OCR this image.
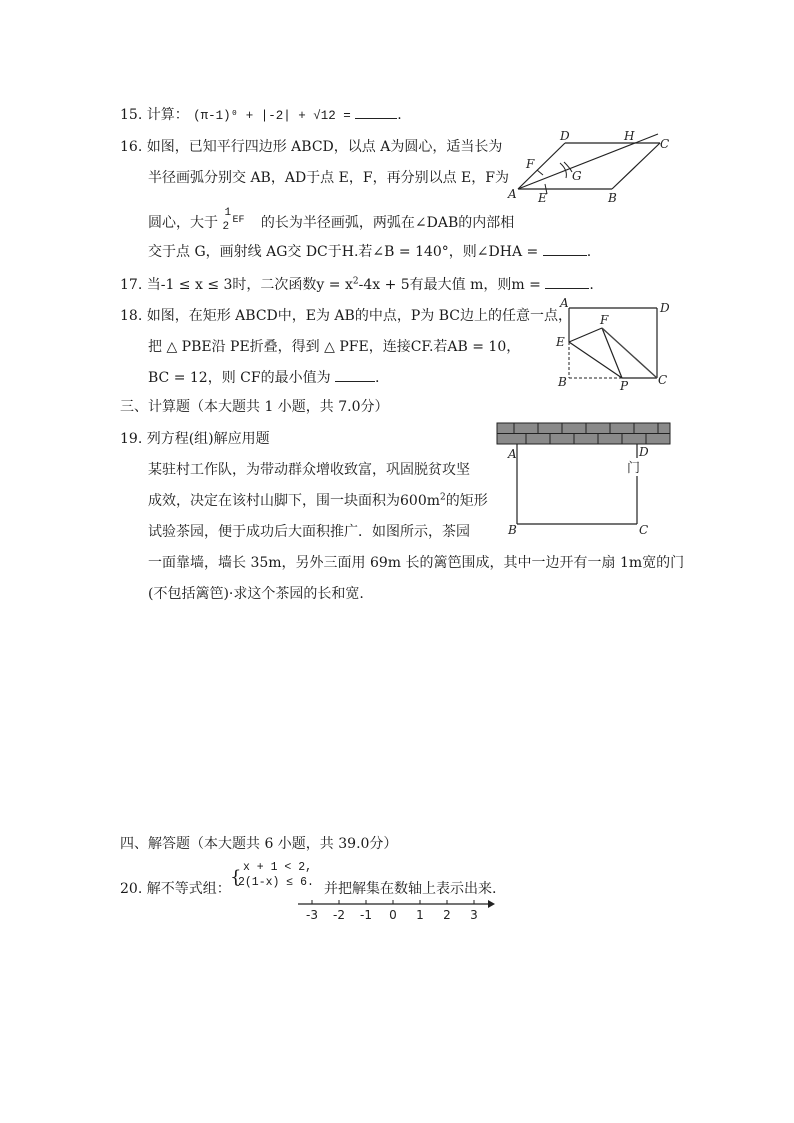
15. 计算： (π-1)⁰ + |-2| + √12 =	.
16. 如图，已知平行四边形 ABCD，以点 A为圆心，适当长为
半径画弧分别交 AB，AD于点 E，F，再分别以点 E，F为
圆心，大于
1
2
EF 的长为半径画弧，两弧在∠DAB的内部相
交于点 G，画射线 AG交 DC于H.若∠B = 140°，则∠DHA =	.
D	H
C
F
G
A E	B
17. 当-1 ≤ x ≤ 3时，二次函数$y = x^2-4x + 5$有最大值 m，则m =	.
18. 如图，在矩形 ABCD中，E为 AB的中点，P为 BC边上的任意一点，
把 △ PBE沿 PE折叠，得到 △ PFE，连接CF.若AB = 10，
BC = 12，则 CF的最小值为	.
A	D
F
E
B	P C
三、计算题（本大题共 1 小题，共 7.0分）
19. 列方程(组)解应用题
某驻村工作队，为带动群众增收致富，巩固脱贫攻坚
成效，决定在该村山脚下，围一块面积为$600m^2$的矩形
试验茶园，便于成功后大面积推广．如图所示，茶园
一面靠墙，墙长 35m，另外三面用 69m 长的篱笆围成，其中一边开有一扇 1m宽的门
(不包括篱笆)·求这个茶园的长和宽.
A	D
B	C
门
四、解答题（本大题共 6 小题，共 39.0分）
20. 解不等式组：
{ x + 1 < 2,
2(1-x) ≤ 6. 并把解集在数轴上表示出来.
-3 -2 -1 0 1 2 3
